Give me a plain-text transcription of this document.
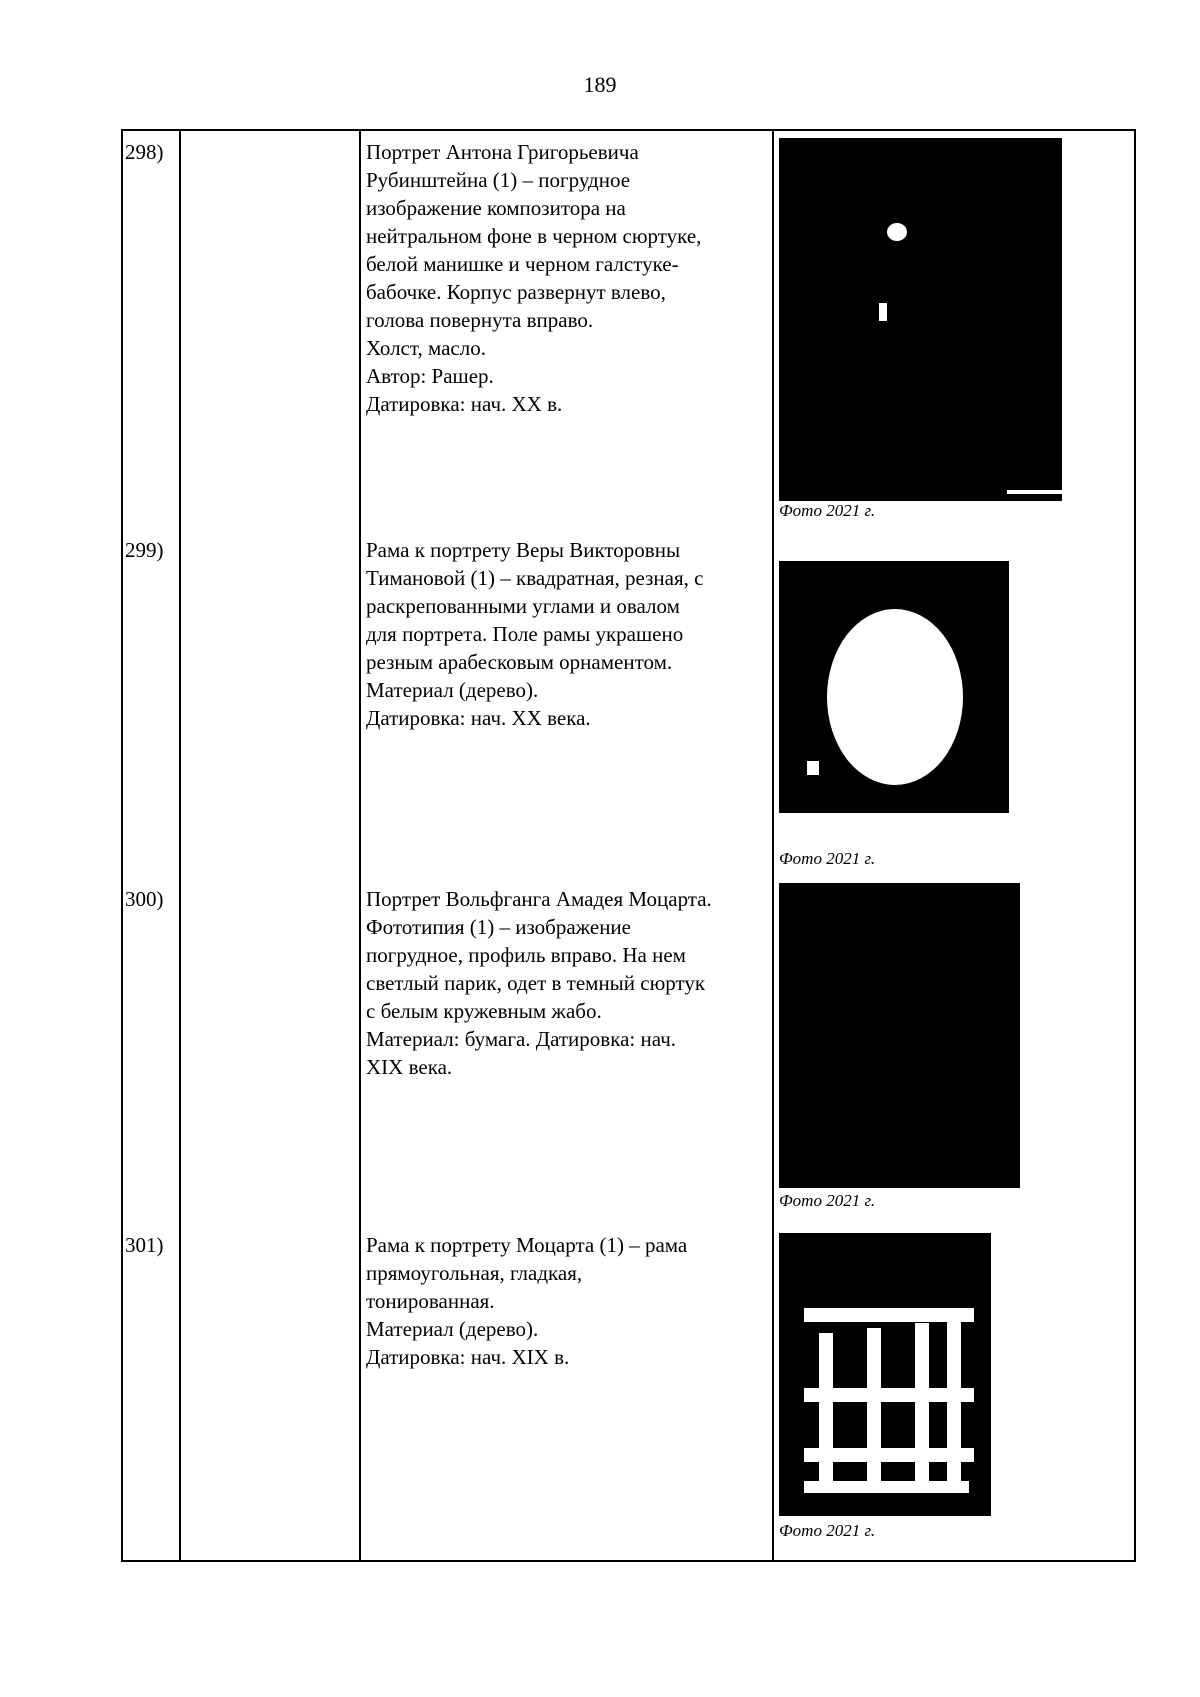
189
298)	Портрет Антона Григорьевича
Рубинштейна (1) – погрудное
изображение композитора на
нейтральном фоне в черном сюртуке,
белой манишке и черном галстуке-
бабочке. Корпус развернут влево,
голова повернута вправо.
Холст, масло.
Автор: Рашер.
Датировка: нач. XX в.
Фото 2021 г.
299)	Рама к портрету Веры Викторовны
Тимановой (1) – квадратная, резная, с
раскрепованными углами и овалом
для портрета. Поле рамы украшено
резным арабесковым орнаментом.
Материал (дерево).
Датировка: нач. XX века.
Фото 2021 г.
300)	Портрет Вольфганга Амадея Моцарта.
Фототипия (1) – изображение
погрудное, профиль вправо. На нем
светлый парик, одет в темный сюртук
с белым кружевным жабо.
Материал: бумага. Датировка: нач.
XIX века.
Фото 2021 г.
301)	Рама к портрету Моцарта (1) – рама
прямоугольная, гладкая,
тонированная.
Материал (дерево).
Датировка: нач. XIX в.
Фото 2021 г.
